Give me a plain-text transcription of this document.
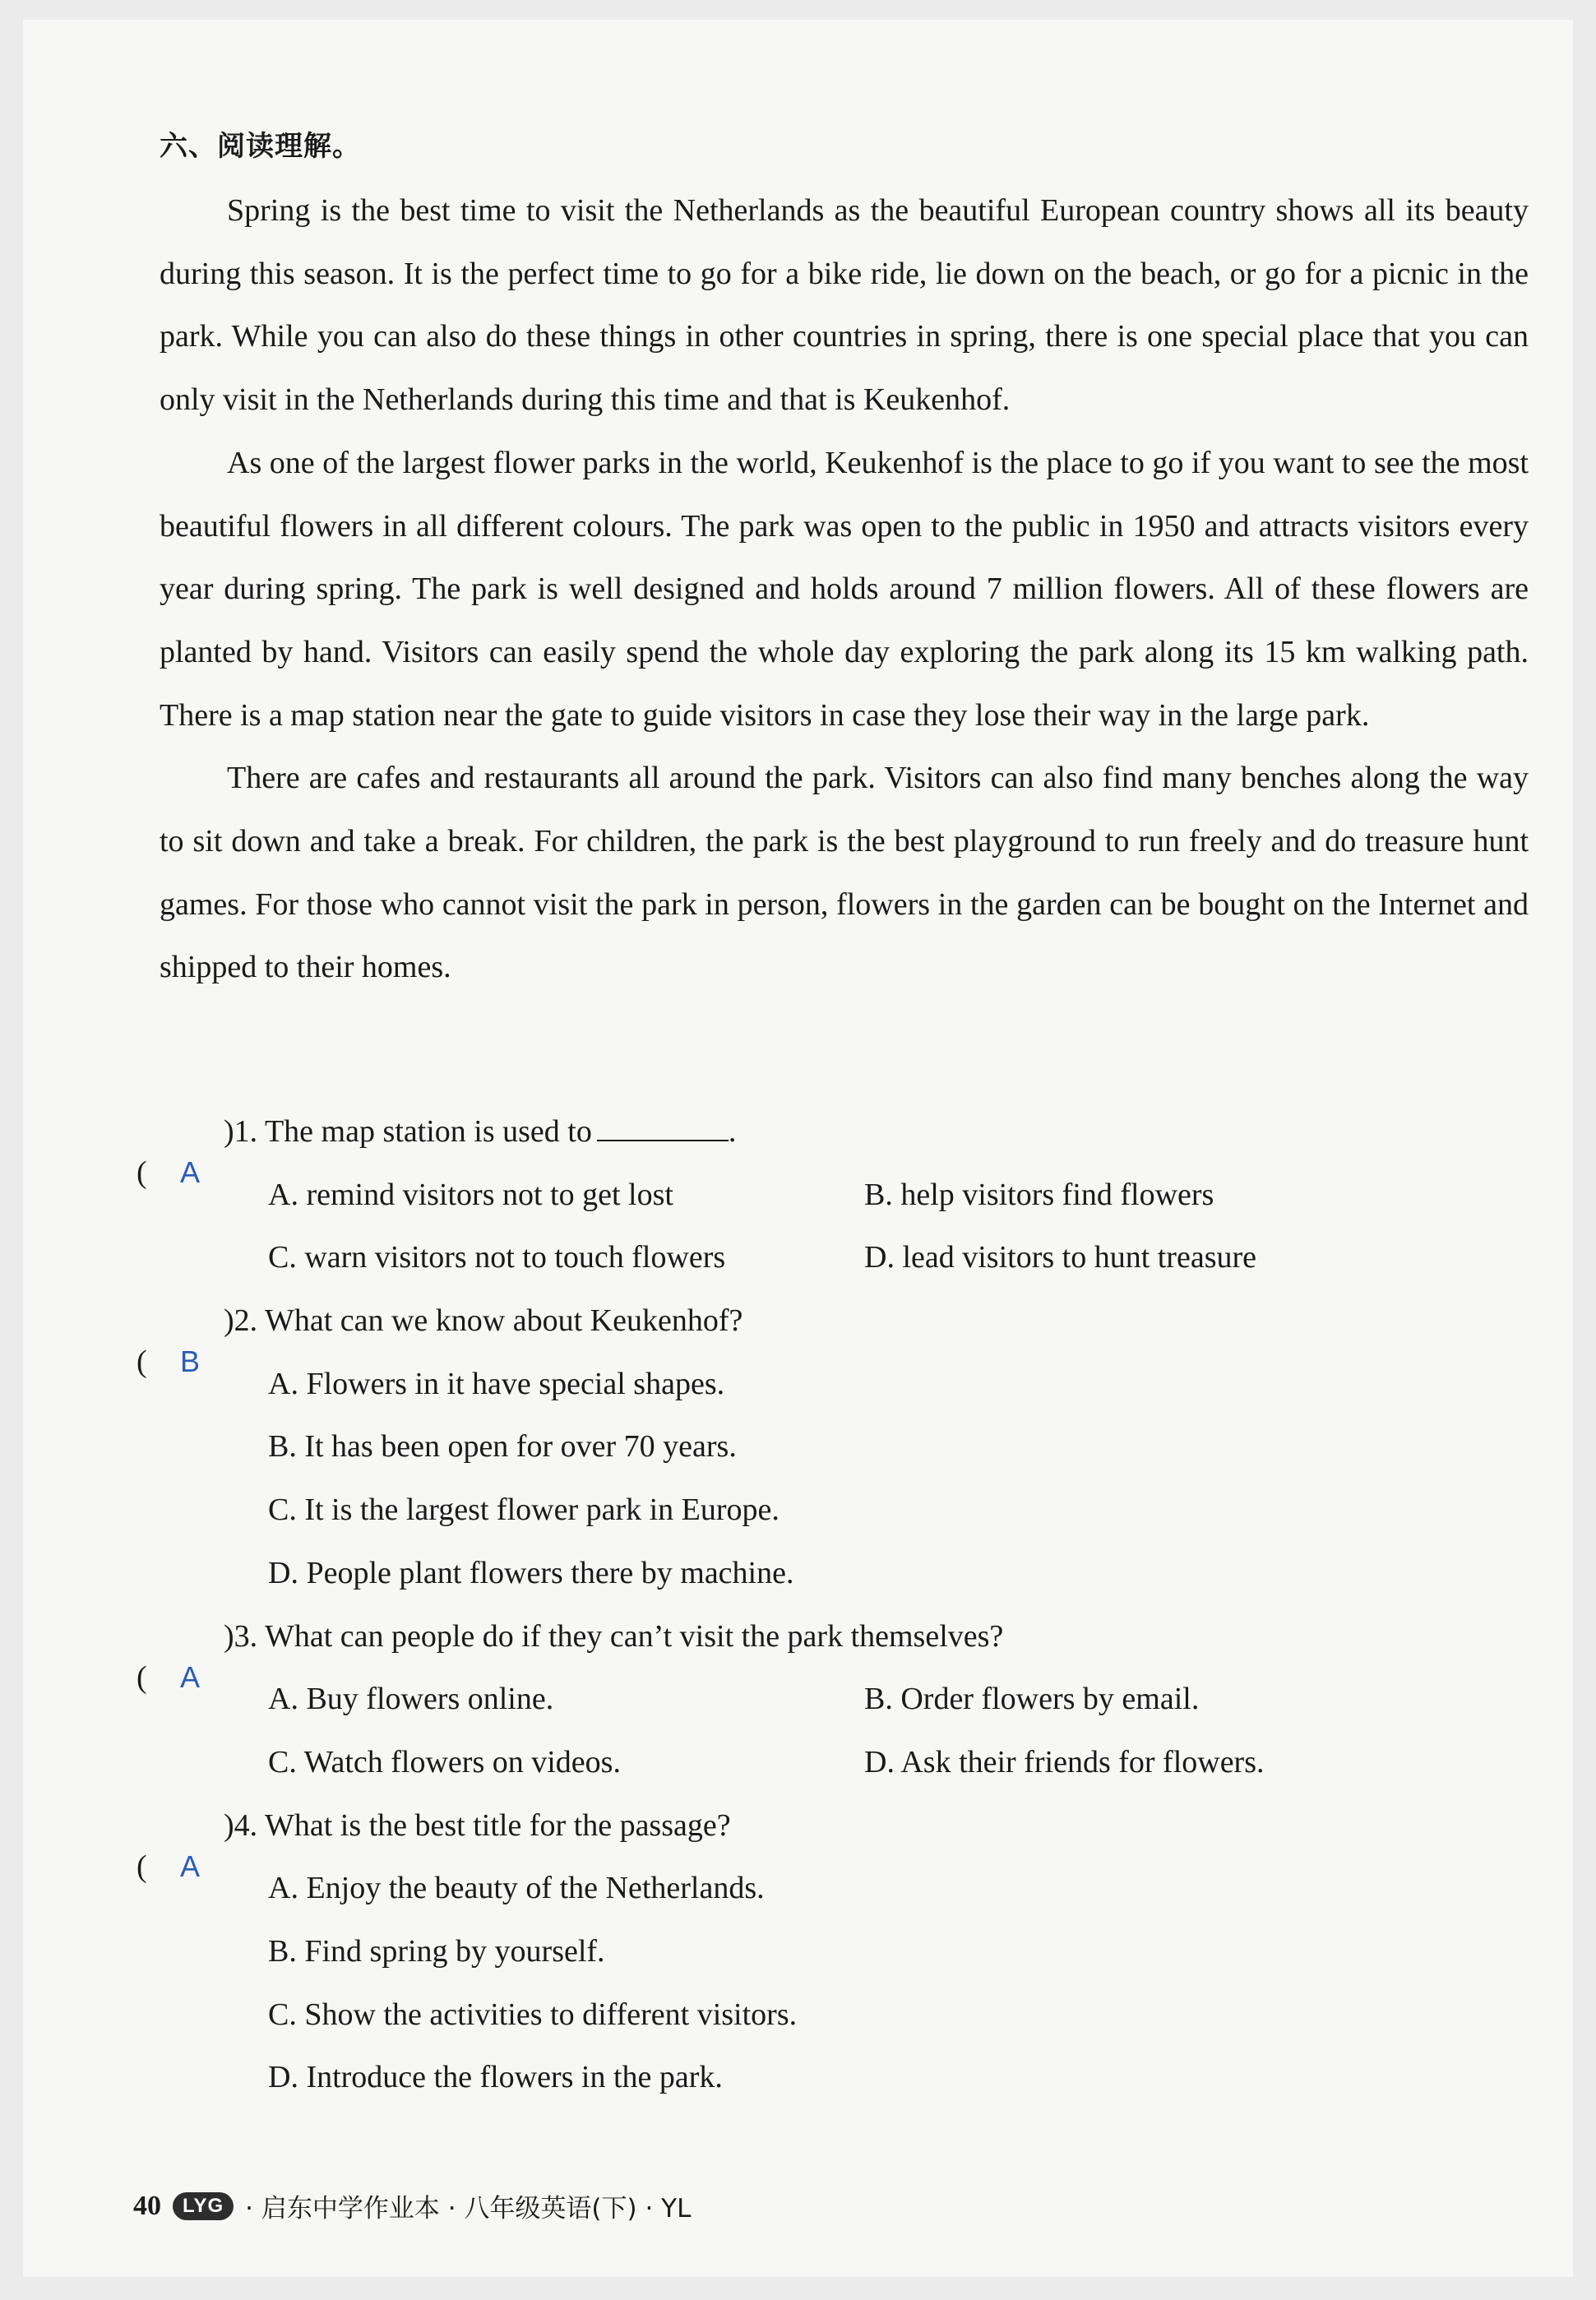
六、阅读理解。

Spring is the best time to visit the Netherlands as the beautiful European country shows all its beauty during this season. It is the perfect time to go for a bike ride, lie down on the beach, or go for a picnic in the park. While you can also do these things in other countries in spring, there is one special place that you can only visit in the Netherlands during this time and that is Keukenhof.

As one of the largest flower parks in the world, Keukenhof is the place to go if you want to see the most beautiful flowers in all different colours. The park was open to the public in 1950 and attracts visitors every year during spring. The park is well designed and holds around 7 million flowers. All of these flowers are planted by hand. Visitors can easily spend the whole day exploring the park along its 15 km walking path. There is a map station near the gate to guide visitors in case they lose their way in the large park.

There are cafes and restaurants all around the park. Visitors can also find many benches along the way to sit down and take a break. For children, the park is the best playground to run freely and do treasure hunt games. For those who cannot visit the park in person, flowers in the garden can be bought on the Internet and shipped to their homes.

( A
)1. The map station is used to	.
A. remind visitors not to get lost	B. help visitors find flowers
C. warn visitors not to touch flowers	D. lead visitors to hunt treasure
( B
)2. What can we know about Keukenhof?
A. Flowers in it have special shapes.
B. It has been open for over 70 years.
C. It is the largest flower park in Europe.
D. People plant flowers there by machine.
( A
)3. What can people do if they can’t visit the park themselves?
A. Buy flowers online.	B. Order flowers by email.
C. Watch flowers on videos.	D. Ask their friends for flowers.
( A
)4. What is the best title for the passage?
A. Enjoy the beauty of the Netherlands.
B. Find spring by yourself.
C. Show the activities to different visitors.
D. Introduce the flowers in the park.
40	LYG · 启东中学作业本 · 八年级英语(下) · YL
